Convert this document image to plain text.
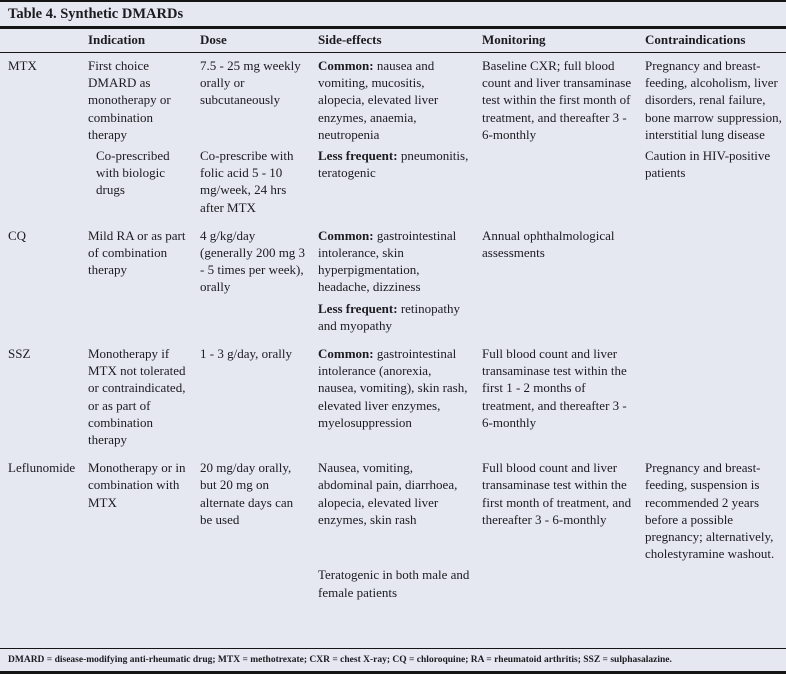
Table 4. Synthetic DMARDs
	Indication	Dose	Side-effects	Monitoring	Contraindications
MTX	First choice DMARD as monotherapy or combination therapy	7.5 - 25 mg weekly orally or subcutaneously	Common: nausea and vomiting, mucositis, alopecia, elevated liver enzymes, anaemia, neutropenia	Baseline CXR; full blood count and liver transaminase test within the first month of treatment, and thereafter 3 - 6-monthly	Pregnancy and breast-feeding, alcoholism, liver disorders, renal failure, bone marrow suppression, interstitial lung disease
	Co-prescribed with biologic drugs	Co-prescribe with folic acid 5 - 10 mg/week, 24 hrs after MTX	Less frequent: pneumonitis, teratogenic		Caution in HIV-positive patients
CQ	Mild RA or as part of combination therapy	4 g/kg/day (generally 200 mg 3 - 5 times per week), orally	Common: gastrointestinal intolerance, skin hyperpigmentation, headache, dizziness	Annual ophthalmological assessments	
			Less frequent: retinopathy and myopathy		
SSZ	Monotherapy if MTX not tolerated or contraindicated, or as part of combination therapy	1 - 3 g/day, orally	Common: gastrointestinal intolerance (anorexia, nausea, vomiting), skin rash, elevated liver enzymes, myelosuppression	Full blood count and liver transaminase test within the first 1 - 2 months of treatment, and thereafter 3 - 6-monthly	
Leflunomide	Monotherapy or in combination with MTX	20 mg/day orally, but 20 mg on alternate days can be used	Nausea, vomiting, abdominal pain, diarrhoea, alopecia, elevated liver enzymes, skin rash	Full blood count and liver transaminase test within the first month of treatment, and thereafter 3 - 6-monthly	Pregnancy and breast-feeding, suspension is recommended 2 years before a possible pregnancy; alternatively, cholestyramine washout.
			Teratogenic in both male and female patients		
DMARD = disease-modifying anti-rheumatic drug; MTX = methotrexate; CXR = chest X-ray; CQ = chloroquine; RA = rheumatoid arthritis; SSZ = sulphasalazine.
